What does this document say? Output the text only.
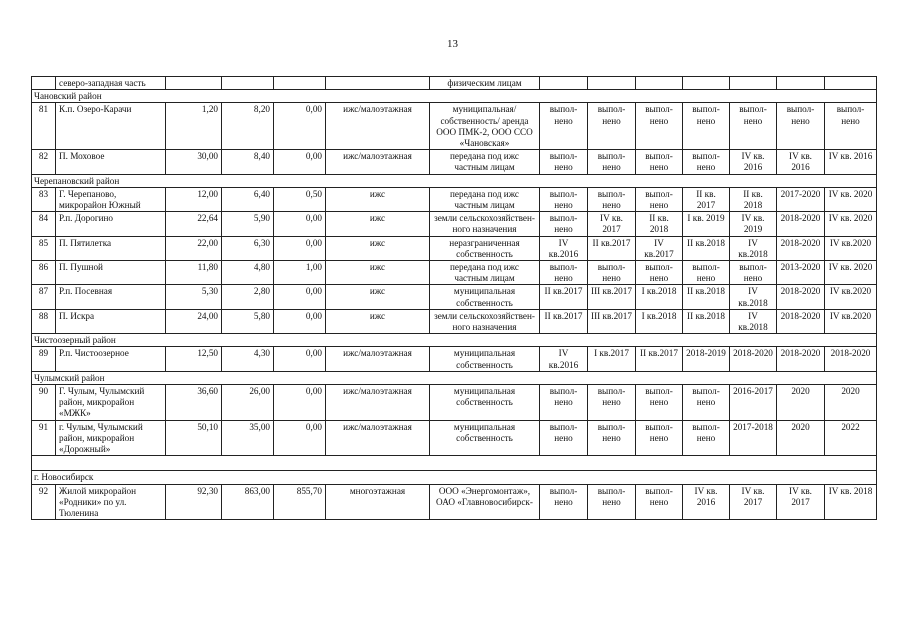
13
	северо-западная часть					физическим лицам							
Чановский район													
81	К.п. Озеро-Карачи	1,20	8,20	0,00	ижс/малоэтажная	муниципальная/ собственность/ аренда ООО ПМК-2, ООО ССО «Чановская»	выпол-нено	выпол-нено	выпол-нено	выпол-нено	выпол-нено	выпол-нено	выпол-нено
82	П. Моховое	30,00	8,40	0,00	ижс/малоэтажная	передана под ижс частным лицам	выпол-нено	выпол-нено	выпол-нено	выпол-нено	IV кв. 2016	IV кв. 2016	IV кв. 2016
Черепановский район													
83	Г. Черепаново, микрорайон Южный	12,00	6,40	0,50	ижс	передана под ижс частным лицам	выпол-нено	выпол-нено	выпол-нено	II кв. 2017	II кв. 2018	2017-2020	IV кв. 2020
84	Р.п. Дорогино	22,64	5,90	0,00	ижс	земли сельскохозяйствен-ного назначения	выпол-нено	IV кв. 2017	II кв. 2018	I кв. 2019	IV кв. 2019	2018-2020	IV кв. 2020
85	П. Пятилетка	22,00	6,30	0,00	ижс	неразграниченная собственность	IV кв.2016	II кв.2017	IV кв.2017	II кв.2018	IV кв.2018	2018-2020	IV кв.2020
86	П. Пушной	11,80	4,80	1,00	ижс	передана под ижс частным лицам	выпол-нено	выпол-нено	выпол-нено	выпол-нено	выпол-нено	2013-2020	IV кв. 2020
87	Р.п. Посевная	5,30	2,80	0,00	ижс	муниципальная собственность	II кв.2017	III кв.2017	I кв.2018	II кв.2018	IV кв.2018	2018-2020	IV кв.2020
88	П. Искра	24,00	5,80	0,00	ижс	земли сельскохозяйствен-ного назначения	II кв.2017	III кв.2017	I кв.2018	II кв.2018	IV кв.2018	2018-2020	IV кв.2020
Чистоозерный район													
89	Р.п. Чистоозерное	12,50	4,30	0,00	ижс/малоэтажная	муниципальная собственность	IV кв.2016	I кв.2017	II кв.2017	2018-2019	2018-2020	2018-2020	2018-2020
Чулымский район													
90	Г. Чулым, Чулымский район, микрорайон «МЖК»	36,60	26,00	0,00	ижс/малоэтажная	муниципальная собственность	выпол-нено	выпол-нено	выпол-нено	выпол-нено	2016-2017	2020	2020
91	г. Чулым, Чулымский район, микрорайон «Дорожный»	50,10	35,00	0,00	ижс/малоэтажная	муниципальная собственность	выпол-нено	выпол-нено	выпол-нено	выпол-нено	2017-2018	2020	2022

г. Новосибирск													
92	Жилой микрорайон «Родники» по ул. Тюленина	92,30	863,00	855,70	многоэтажная	ООО «Энергомонтаж», ОАО «Главновосибирск-	выпол-нено	выпол-нено	выпол-нено	IV кв. 2016	IV кв. 2017	IV кв. 2017	IV кв. 2018
